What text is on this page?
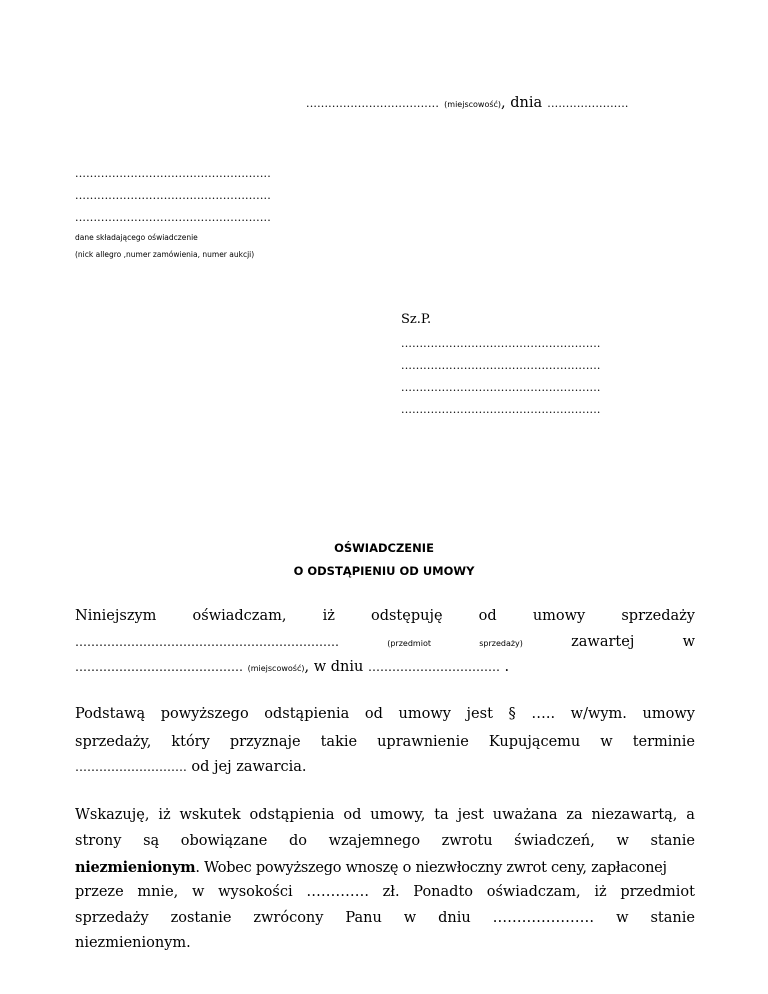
.................................... (miejscowość), dnia ......................
.....................................................
.....................................................
.....................................................
dane składającego oświadczenie
(nick allegro ,numer zamówienia, numer aukcji)
Sz.P.
......................................................
......................................................
......................................................
......................................................
OŚWIADCZENIE
O ODSTĄPIENIU OD UMOWY
Niniejszym oświadczam, iż odstępuję od umowy sprzedaży
…………………………………………………………	(przedmiot	sprzedaży)	zawartej	w
…………………………………… (miejscowość), w dniu …………………………… .
Podstawą powyższego odstąpienia od umowy jest § ….. w/wym. umowy
sprzedaży, który przyznaje takie uprawnienie Kupującemu w terminie
………………………. od jej zawarcia.
Wskazuję, iż wskutek odstąpienia od umowy, ta jest uważana za niezawartą, a
strony są obowiązane do wzajemnego zwrotu świadczeń, w stanie
niezmienionym. Wobec powyższego wnoszę o niezwłoczny zwrot ceny, zapłaconej
przeze mnie, w wysokości …………. zł. Ponadto oświadczam, iż przedmiot
sprzedaży zostanie zwrócony Panu w dniu ………………… w stanie
niezmienionym.
